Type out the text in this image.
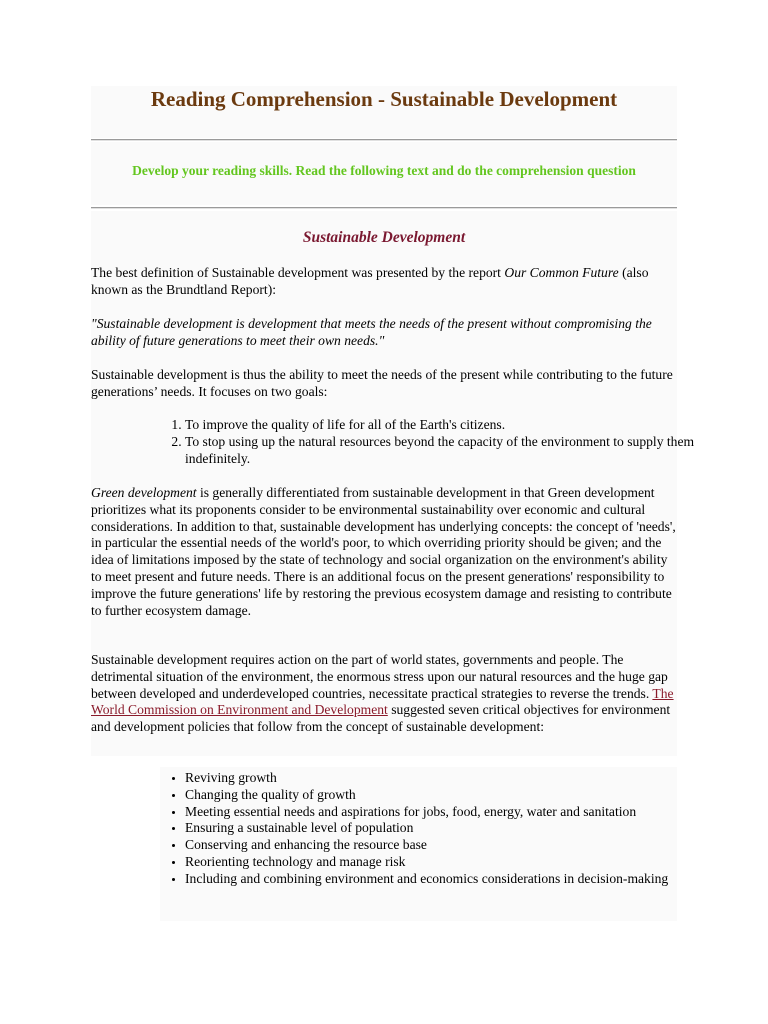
Reading Comprehension - Sustainable Development

Develop your reading skills. Read the following text and do the comprehension question

Sustainable Development

The best definition of Sustainable development was presented by the report Our Common Future (also known as the Brundtland Report):

"Sustainable development is development that meets the needs of the present without compromising the ability of future generations to meet their own needs."

Sustainable development is thus the ability to meet the needs of the present while contributing to the future generations’ needs. It focuses on two goals:

1. To improve the quality of life for all of the Earth's citizens.
2. To stop using up the natural resources beyond the capacity of the environment to supply them indefinitely.

Green development is generally differentiated from sustainable development in that Green development prioritizes what its proponents consider to be environmental sustainability over economic and cultural considerations. In addition to that, sustainable development has underlying concepts: the concept of 'needs', in particular the essential needs of the world's poor, to which overriding priority should be given; and the idea of limitations imposed by the state of technology and social organization on the environment's ability to meet present and future needs. There is an additional focus on the present generations' responsibility to improve the future generations' life by restoring the previous ecosystem damage and resisting to contribute to further ecosystem damage.

Sustainable development requires action on the part of world states, governments and people. The detrimental situation of the environment, the enormous stress upon our natural resources and the huge gap between developed and underdeveloped countries, necessitate practical strategies to reverse the trends. The World Commission on Environment and Development suggested seven critical objectives for environment and development policies that follow from the concept of sustainable development:

• Reviving growth
• Changing the quality of growth
• Meeting essential needs and aspirations for jobs, food, energy, water and sanitation
• Ensuring a sustainable level of population
• Conserving and enhancing the resource base
• Reorienting technology and manage risk
• Including and combining environment and economics considerations in decision-making
